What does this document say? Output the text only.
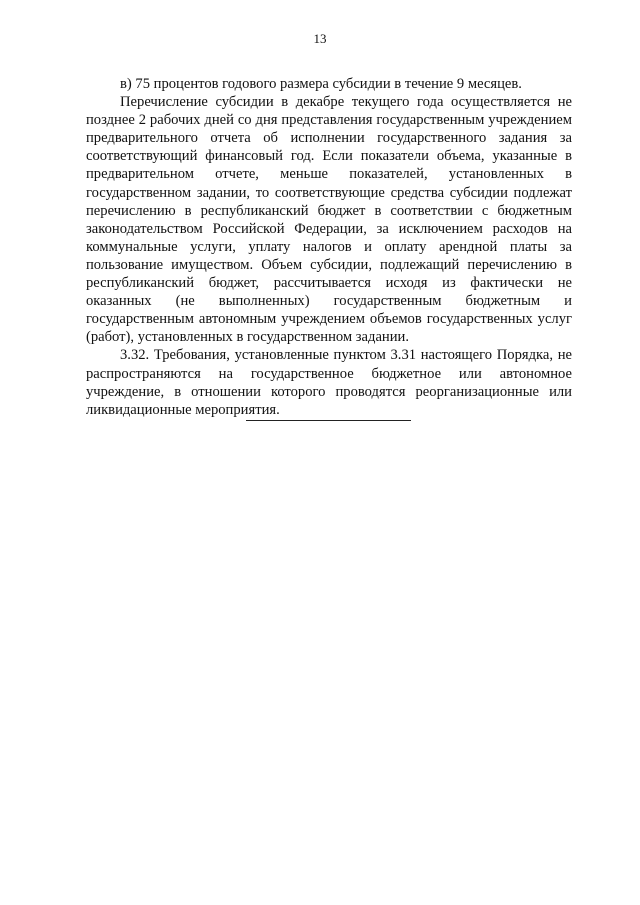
13

в) 75 процентов годового размера субсидии в течение 9 месяцев.

Перечисление субсидии в декабре текущего года осуществляется не позднее 2 рабочих дней со дня представления государственным учреждением предварительного отчета об исполнении государственного задания за соответствующий финансовый год. Если показатели объема, указанные в предварительном отчете, меньше показателей, установленных в государственном задании, то соответствующие средства субсидии подлежат перечислению в республиканский бюджет в соответствии с бюджетным законодательством Российской Федерации, за исключением расходов на коммунальные услуги, уплату налогов и оплату арендной платы за пользование имуществом. Объем субсидии, подлежащий перечислению в республиканский бюджет, рассчитывается исходя из фактически не оказанных (не выполненных) государственным бюджетным и государственным автономным учреждением объемов государственных услуг (работ), установленных в государственном задании.

3.32. Требования, установленные пунктом 3.31 настоящего Порядка, не распространяются на государственное бюджетное или автономное учреждение, в отношении которого проводятся реорганизационные или ликвидационные мероприятия.
